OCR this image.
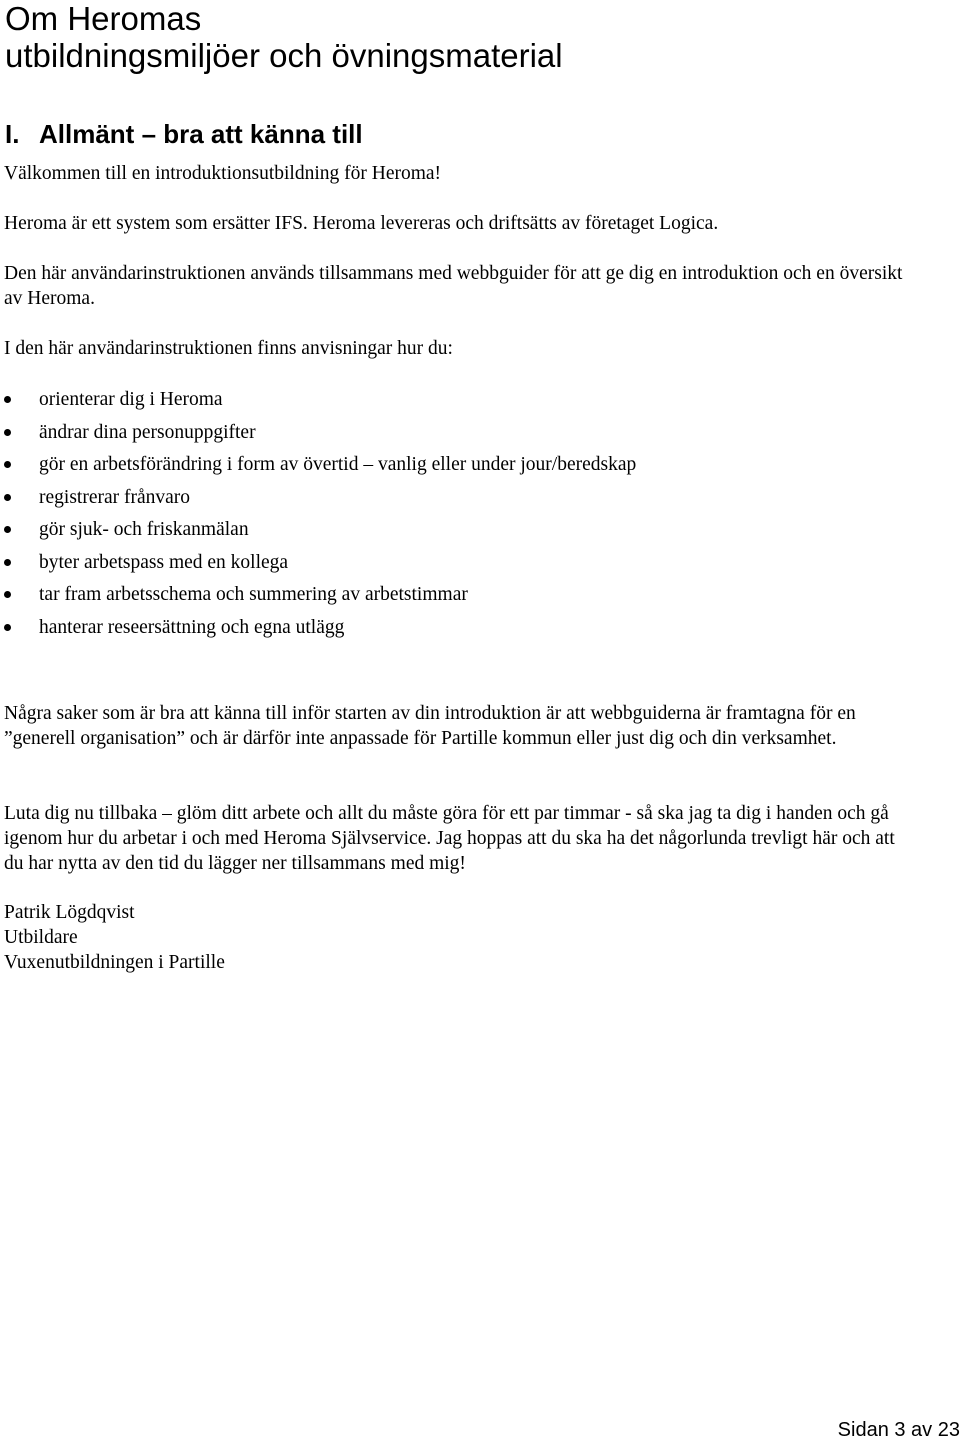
Om Heromas
utbildningsmiljöer och övningsmaterial
I. Allmänt – bra att känna till

Välkommen till en introduktionsutbildning för Heroma!

Heroma är ett system som ersätter IFS. Heroma levereras och driftsätts av företaget Logica.

Den här användarinstruktionen används tillsammans med webbguider för att ge dig en introduktion och en översikt av Heroma.

I den här användarinstruktionen finns anvisningar hur du:

orienterar dig i Heroma
ändrar dina personuppgifter
gör en arbetsförändring i form av övertid – vanlig eller under jour/beredskap
registrerar frånvaro
gör sjuk- och friskanmälan
byter arbetspass med en kollega
tar fram arbetsschema och summering av arbetstimmar
hanterar reseersättning och egna utlägg

Några saker som är bra att känna till inför starten av din introduktion är att webbguiderna är framtagna för en ”generell organisation” och är därför inte anpassade för Partille kommun eller just dig och din verksamhet.

Luta dig nu tillbaka – glöm ditt arbete och allt du måste göra för ett par timmar - så ska jag ta dig i handen och gå igenom hur du arbetar i och med Heroma Självservice. Jag hoppas att du ska ha det någorlunda trevligt här och att du har nytta av den tid du lägger ner tillsammans med mig!

Patrik Lögdqvist
Utbildare
Vuxenutbildningen i Partille

Sidan 3 av 23
